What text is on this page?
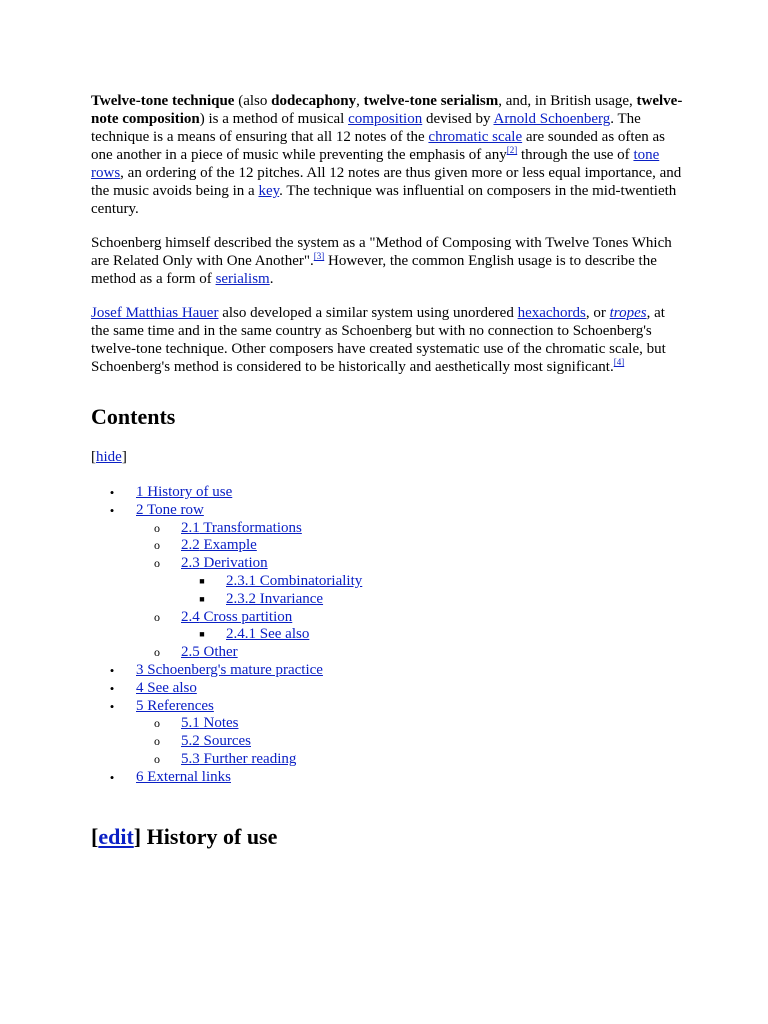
Twelve-tone technique (also dodecaphony, twelve-tone serialism, and, in British usage, twelve-note composition) is a method of musical composition devised by Arnold Schoenberg. The technique is a means of ensuring that all 12 notes of the chromatic scale are sounded as often as one another in a piece of music while preventing the emphasis of any[2] through the use of tone rows, an ordering of the 12 pitches. All 12 notes are thus given more or less equal importance, and the music avoids being in a key. The technique was influential on composers in the mid-twentieth century.

Schoenberg himself described the system as a "Method of Composing with Twelve Tones Which are Related Only with One Another".[3] However, the common English usage is to describe the method as a form of serialism.

Josef Matthias Hauer also developed a similar system using unordered hexachords, or tropes, at the same time and in the same country as Schoenberg but with no connection to Schoenberg's twelve-tone technique. Other composers have created systematic use of the chromatic scale, but Schoenberg's method is considered to be historically and aesthetically most significant.[4]

Contents
[hide]
• 1 History of use
• 2 Tone row
o 2.1 Transformations
o 2.2 Example
o 2.3 Derivation
■ 2.3.1 Combinatoriality
■ 2.3.2 Invariance
o 2.4 Cross partition
■ 2.4.1 See also
o 2.5 Other
• 3 Schoenberg's mature practice
• 4 See also
• 5 References
o 5.1 Notes
o 5.2 Sources
o 5.3 Further reading
• 6 External links
[edit] History of use
